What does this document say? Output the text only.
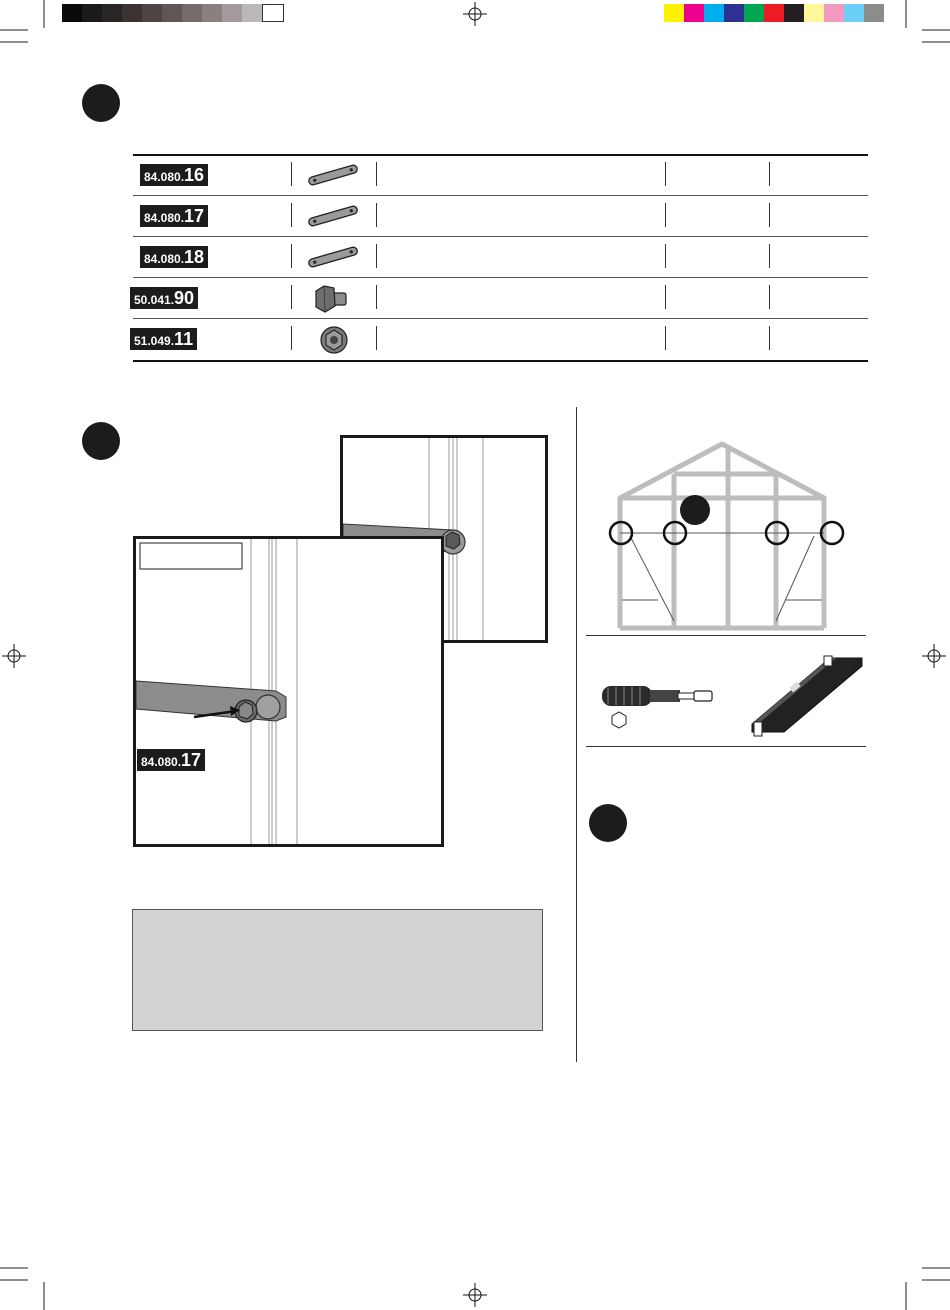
84.080.16
84.080.17
84.080.18
50.041.90
51.049.11
84.080.17
